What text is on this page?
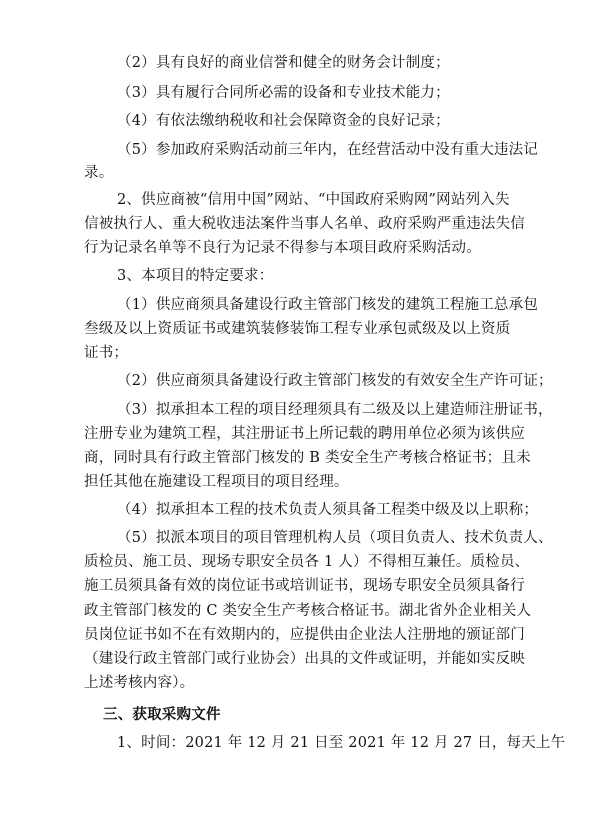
（2）具有良好的商业信誉和健全的财务会计制度；
（3）具有履行合同所必需的设备和专业技术能力；
（4）有依法缴纳税收和社会保障资金的良好记录；
（5）参加政府采购活动前三年内，在经营活动中没有重大违法记
录。
2、供应商被“信用中国”网站、“中国政府采购网”网站列入失
信被执行人、重大税收违法案件当事人名单、政府采购严重违法失信
行为记录名单等不良行为记录不得参与本项目政府采购活动。
3、本项目的特定要求：
（1）供应商须具备建设行政主管部门核发的建筑工程施工总承包
叁级及以上资质证书或建筑装修装饰工程专业承包贰级及以上资质
证书；
（2）供应商须具备建设行政主管部门核发的有效安全生产许可证；
（3）拟承担本工程的项目经理须具有二级及以上建造师注册证书，
注册专业为建筑工程，其注册证书上所记载的聘用单位必须为该供应
商，同时具有行政主管部门核发的 B 类安全生产考核合格证书；且未
担任其他在施建设工程项目的项目经理。
（4）拟承担本工程的技术负责人须具备工程类中级及以上职称；
（5）拟派本项目的项目管理机构人员（项目负责人、技术负责人、
质检员、施工员、现场专职安全员各 1 人）不得相互兼任。质检员、
施工员须具备有效的岗位证书或培训证书，现场专职安全员须具备行
政主管部门核发的 C 类安全生产考核合格证书。湖北省外企业相关人
员岗位证书如不在有效期内的，应提供由企业法人注册地的颁证部门
（建设行政主管部门或行业协会）出具的文件或证明，并能如实反映
上述考核内容）。
三、获取采购文件
1、时间：2021 年 12 月 21 日至 2021 年 12 月 27 日，每天上午
